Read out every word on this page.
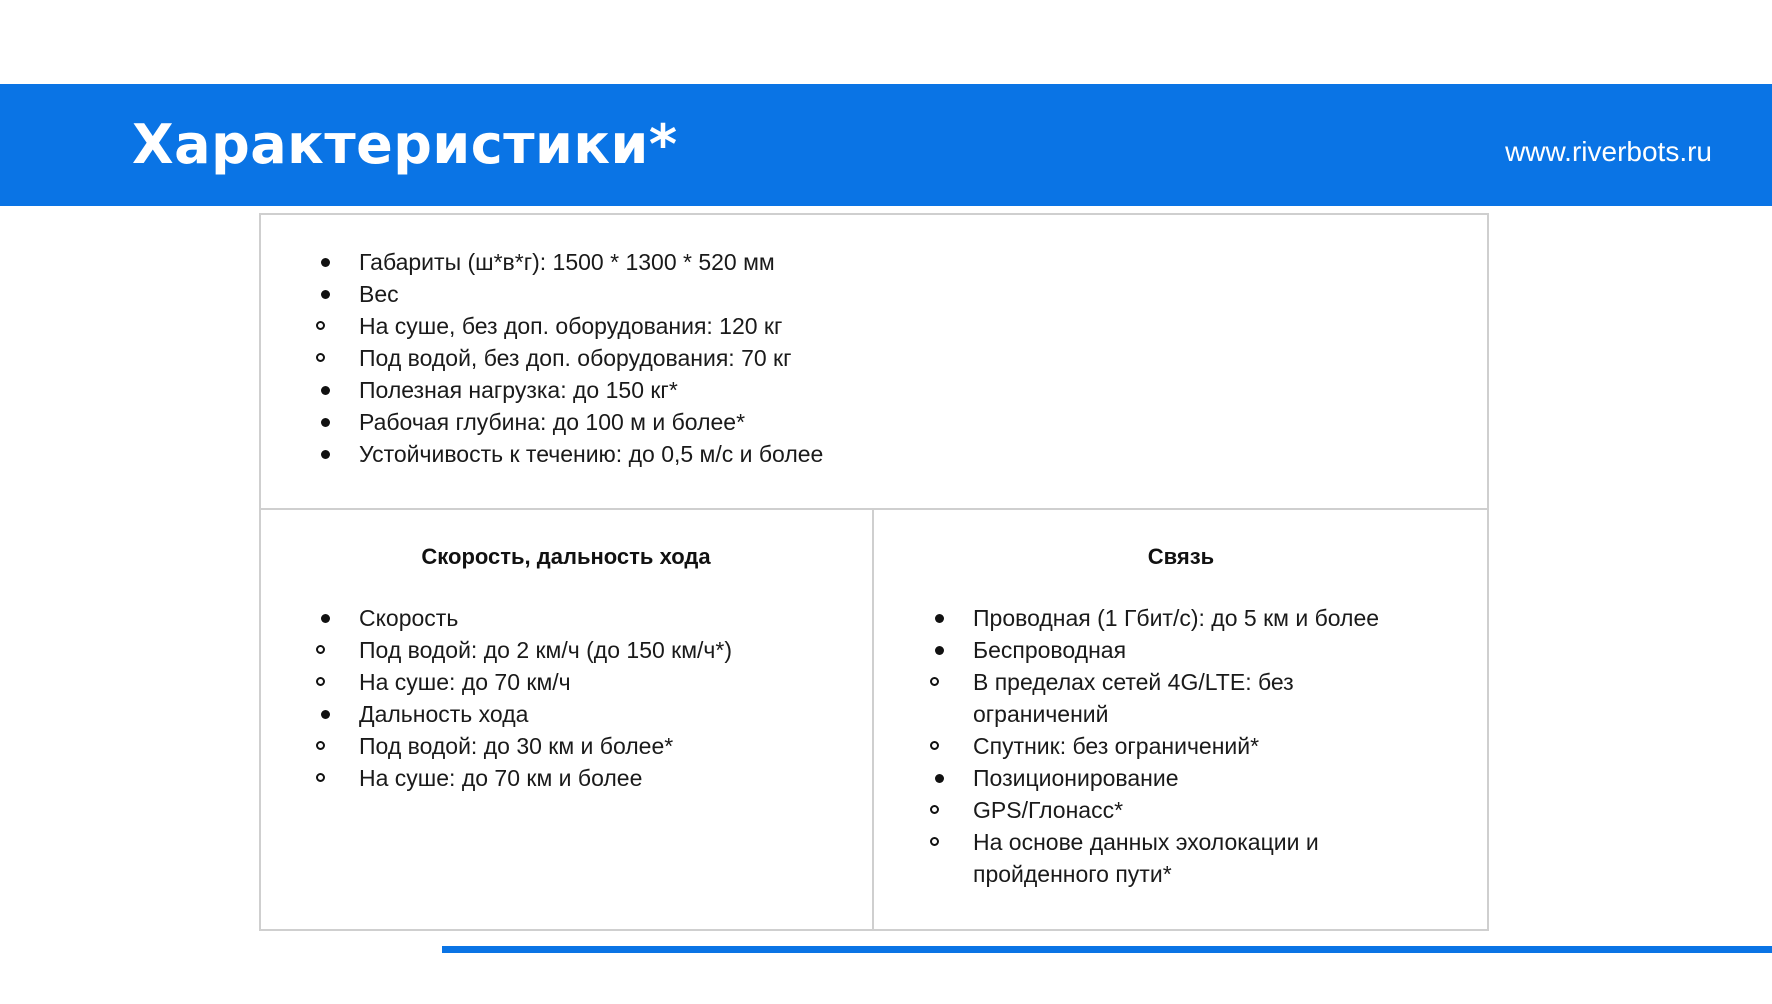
Характеристики*	www.riverbots.ru
Габариты (ш*в*г): 1500 * 1300 * 520 мм
Вес
На суше, без доп. оборудования: 120 кг
Под водой, без доп. оборудования: 70 кг
Полезная нагрузка: до 150 кг*
Рабочая глубина: до 100 м и более*
Устойчивость к течению: до 0,5 м/с и более
Скорость, дальность хода
Скорость
Под водой: до 2 км/ч (до 150 км/ч*)
На суше: до 70 км/ч
Дальность хода
Под водой: до 30 км и более*
На суше: до 70 км и более
Связь
Проводная (1 Гбит/с): до 5 км и более
Беспроводная
В пределах сетей 4G/LTE: без ограничений
Спутник: без ограничений*
Позиционирование
GPS/Глонасс*
На основе данных эхолокации и пройденного пути*
